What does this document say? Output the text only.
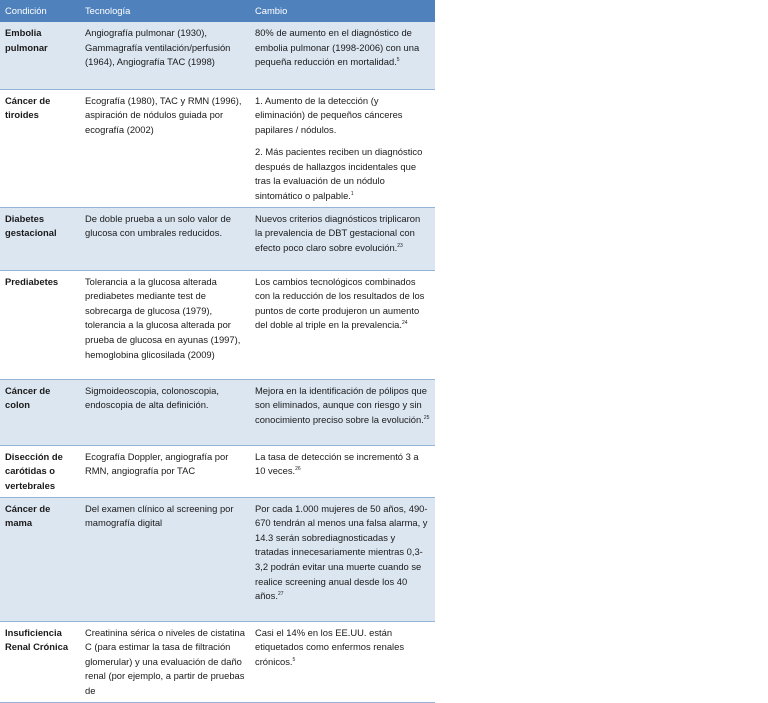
Condición	Tecnología	Cambio
Embolia pulmonar	Angiografía pulmonar (1930), Gammagrafía ventilación/perfusión (1964), Angiografía TAC (1998)	80% de aumento en el diagnóstico de embolia pulmonar (1998-2006) con una pequeña reducción en mortalidad.$^5$

Cáncer de tiroides	Ecografía (1980), TAC y RMN (1996), aspiración de nódulos guiada por ecografía (2002)	1. Aumento de la detección (y eliminación) de pequeños cánceres papilares / nódulos.

2. Más pacientes reciben un diagnóstico después de hallazgos incidentales que tras la evaluación de un nódulo sintomático o palpable.$^1$

Diabetes gestacional	De doble prueba a un solo valor de glucosa con umbrales reducidos.	Nuevos criterios diagnósticos triplicaron la prevalencia de DBT gestacional con efecto poco claro sobre evolución.$^{23}$

Prediabetes	Tolerancia a la glucosa alterada prediabetes mediante test de sobrecarga de glucosa (1979), tolerancia a la glucosa alterada por prueba de glucosa en ayunas (1997), hemoglobina glicosilada (2009)	Los cambios tecnológicos combinados con la reducción de los resultados de los puntos de corte produjeron un aumento del doble al triple en la prevalencia.$^{24}$

Cáncer de colon	Sigmoideoscopia, colonoscopia, endoscopia de alta definición.	Mejora en la identificación de pólipos que son eliminados, aunque con riesgo y sin conocimiento preciso sobre la evolución.$^{25}$

Disección de carótidas o vertebrales	Ecografía Doppler, angiografía por RMN, angiografía por TAC	La tasa de detección se incrementó 3 a 10 veces.$^{26}$

Cáncer de mama	Del examen clínico al screening por mamografía digital	Por cada 1.000 mujeres de 50 años, 490-670 tendrán al menos una falsa alarma, y 14.3 serán sobrediagnosticadas y tratadas innecesariamente mientras 0,3-3,2 podrán evitar una muerte cuando se realice screening anual desde los 40 años.$^{27}$

Insuficiencia Renal Crónica	Creatinina sérica o niveles de cistatina C (para estimar la tasa de filtración glomerular) y una evaluación de daño renal (por ejemplo, a partir de pruebas de	Casi el 14% en los EE.UU. están etiquetados como enfermos renales crónicos.$^5$
